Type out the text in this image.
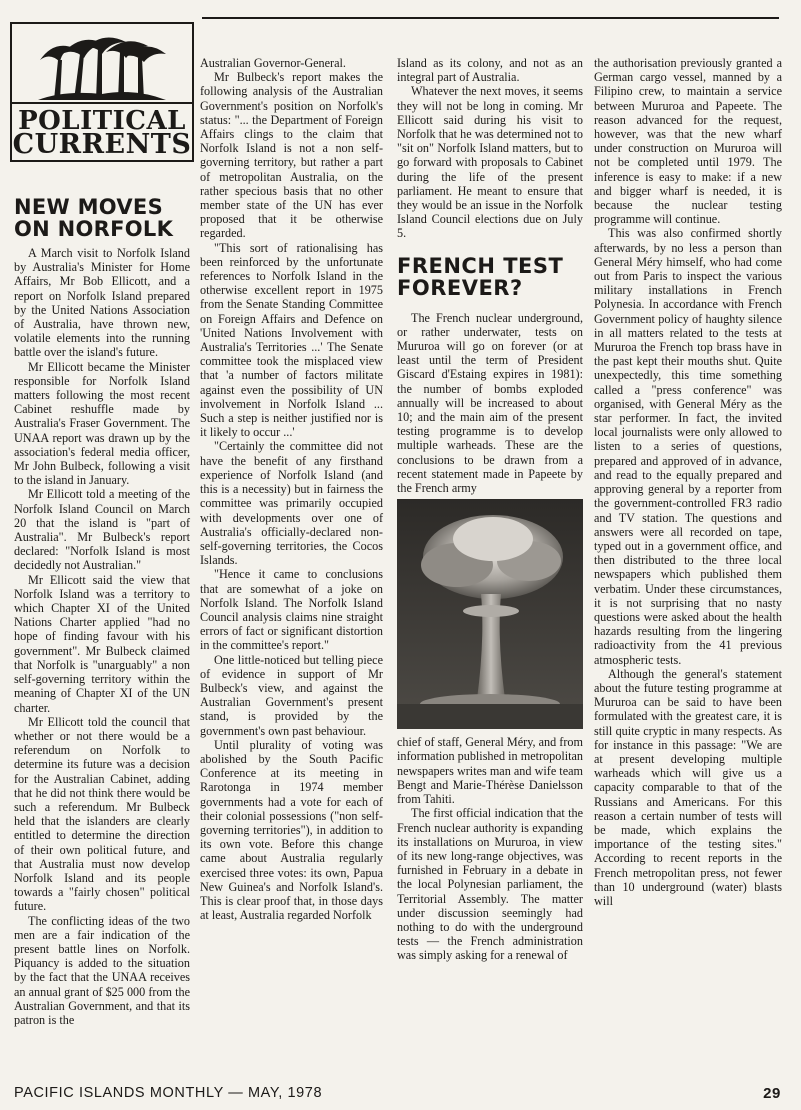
POLITICAL
CURRENTS
NEW MOVES ON NORFOLK

A March visit to Norfolk Island by Australia's Minister for Home Affairs, Mr Bob Ellicott, and a report on Norfolk Island prepared by the United Nations Association of Australia, have thrown new, volatile elements into the running battle over the island's future.

Mr Ellicott became the Minister responsible for Norfolk Island matters following the most recent Cabinet reshuffle made by Australia's Fraser Government. The UNAA report was drawn up by the association's federal media officer, Mr John Bulbeck, following a visit to the island in January.

Mr Ellicott told a meeting of the Norfolk Island Council on March 20 that the island is "part of Australia". Mr Bulbeck's report declared: "Norfolk Island is most decidedly not Australian."

Mr Ellicott said the view that Norfolk Island was a territory to which Chapter XI of the United Nations Charter applied "had no hope of finding favour with his government". Mr Bulbeck claimed that Norfolk is "unarguably" a non self-governing territory within the meaning of Chapter XI of the UN charter.

Mr Ellicott told the council that whether or not there would be a referendum on Norfolk to determine its future was a decision for the Australian Cabinet, adding that he did not think there would be such a referendum. Mr Bulbeck held that the islanders are clearly entitled to determine the direction of their own political future, and that Australia must now develop Norfolk Island and its people towards a "fairly chosen" political future.

The conflicting ideas of the two men are a fair indication of the present battle lines on Norfolk. Piquancy is added to the situation by the fact that the UNAA receives an annual grant of $25 000 from the Australian Government, and that its patron is the

Australian Governor-General.

Mr Bulbeck's report makes the following analysis of the Australian Government's position on Norfolk's status: "... the Department of Foreign Affairs clings to the claim that Norfolk Island is not a non self-governing territory, but rather a part of metropolitan Australia, on the rather specious basis that no other member state of the UN has ever proposed that it be otherwise regarded.

"This sort of rationalising has been reinforced by the unfortunate references to Norfolk Island in the otherwise excellent report in 1975 from the Senate Standing Committee on Foreign Affairs and Defence on 'United Nations Involvement with Australia's Territories ...' The Senate committee took the misplaced view that 'a number of factors militate against even the possibility of UN involvement in Norfolk Island ... Such a step is neither justified nor is it likely to occur ...'

"Certainly the committee did not have the benefit of any firsthand experience of Norfolk Island (and this is a necessity) but in fairness the committee was primarily occupied with developments over one of Australia's officially-declared non-self-governing territories, the Cocos Islands.

"Hence it came to conclusions that are somewhat of a joke on Norfolk Island. The Norfolk Island Council analysis claims nine straight errors of fact or significant distortion in the committee's report."

One little-noticed but telling piece of evidence in support of Mr Bulbeck's view, and against the Australian Government's present stand, is provided by the government's own past behaviour.

Until plurality of voting was abolished by the South Pacific Conference at its meeting in Rarotonga in 1974 member governments had a vote for each of their colonial possessions ("non self-governing territories"), in addition to its own vote. Before this change came about Australia regularly exercised three votes: its own, Papua New Guinea's and Norfolk Island's. This is clear proof that, in those days at least, Australia regarded Norfolk

Island as its colony, and not as an integral part of Australia.

Whatever the next moves, it seems they will not be long in coming. Mr Ellicott said during his visit to Norfolk that he was determined not to "sit on" Norfolk Island matters, but to go forward with proposals to Cabinet during the life of the present parliament. He meant to ensure that they would be an issue in the Norfolk Island Council elections due on July 5.

FRENCH TEST FOREVER?

The French nuclear underground, or rather underwater, tests on Mururoa will go on forever (or at least until the term of President Giscard d'Estaing expires in 1981): the number of bombs exploded annually will be increased to about 10; and the main aim of the present testing programme is to develop multiple warheads. These are the conclusions to be drawn from a recent statement made in Papeete by the French army

chief of staff, General Méry, and from information published in metropolitan newspapers writes man and wife team Bengt and Marie-Thérèse Danielsson from Tahiti.

The first official indication that the French nuclear authority is expanding its installations on Mururoa, in view of its new long-range objectives, was furnished in February in a debate in the local Polynesian parliament, the Territorial Assembly. The matter under discussion seemingly had nothing to do with the underground tests — the French administration was simply asking for a renewal of

the authorisation previously granted a German cargo vessel, manned by a Filipino crew, to maintain a service between Mururoa and Papeete. The reason advanced for the request, however, was that the new wharf under construction on Mururoa will not be completed until 1979. The inference is easy to make: if a new and bigger wharf is needed, it is because the nuclear testing programme will continue.

This was also confirmed shortly afterwards, by no less a person than General Méry himself, who had come out from Paris to inspect the various military installations in French Polynesia. In accordance with French Government policy of haughty silence in all matters related to the tests at Mururoa the French top brass have in the past kept their mouths shut. Quite unexpectedly, this time something called a "press conference" was organised, with General Méry as the star performer. In fact, the invited local journalists were only allowed to listen to a series of questions, prepared and approved of in advance, and read to the equally prepared and approving general by a reporter from the government-controlled FR3 radio and TV station. The questions and answers were all recorded on tape, typed out in a government office, and then distributed to the three local newspapers which published them verbatim. Under these circumstances, it is not surprising that no nasty questions were asked about the health hazards resulting from the lingering radioactivity from the 41 previous atmospheric tests.

Although the general's statement about the future testing programme at Mururoa can be said to have been formulated with the greatest care, it is still quite cryptic in many respects. As for instance in this passage: "We are at present developing multiple warheads which will give us a capacity comparable to that of the Russians and Americans. For this reason a certain number of tests will be made, which explains the importance of the testing sites." According to recent reports in the French metropolitan press, not fewer than 10 underground (water) blasts will

PACIFIC ISLANDS MONTHLY — MAY, 1978	29
